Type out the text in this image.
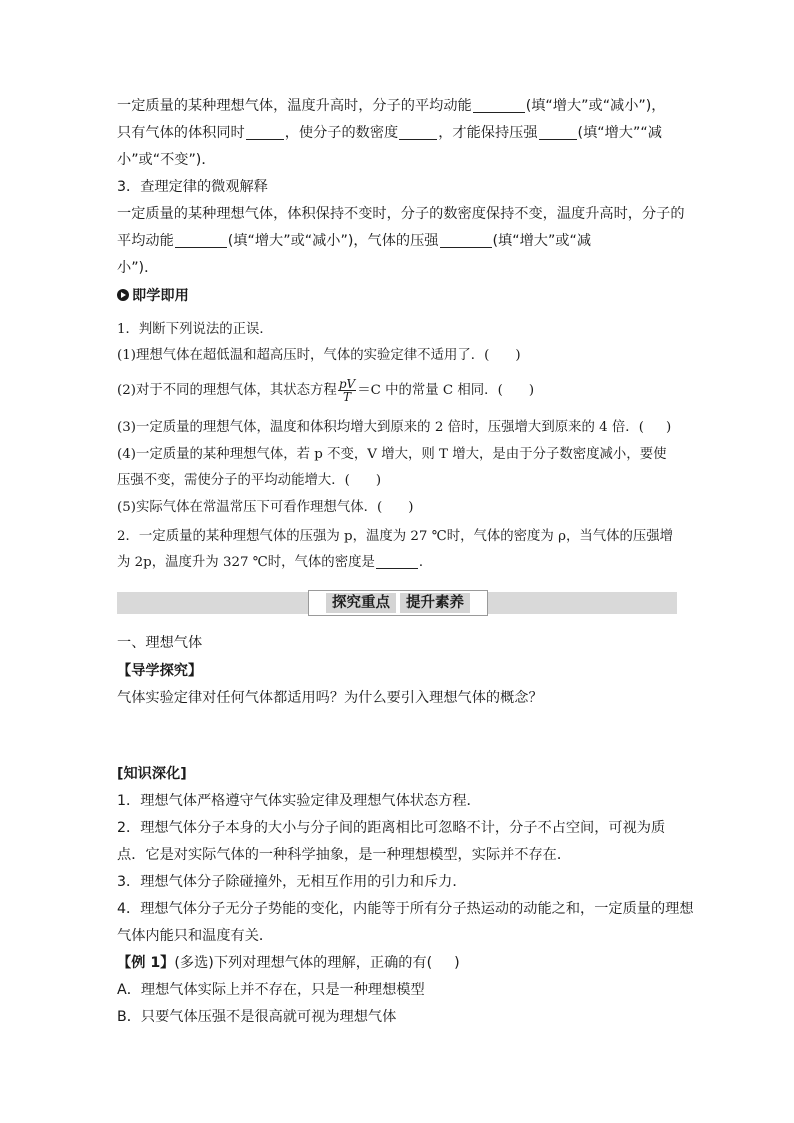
一定质量的某种理想气体，温度升高时，分子的平均动能	(填“增大”或“减小”)，
只有气体的体积同时	，使分子的数密度	，才能保持压强	(填“增大”“减
小”或“不变”)．
3．查理定律的微观解释
一定质量的某种理想气体，体积保持不变时，分子的数密度保持不变，温度升高时，分子的
平均动能	(填“增大”或“减小”)，气体的压强	(填“增大”或“减
小”)．
即学即用
1．判断下列说法的正误．
(1)理想气体在超低温和超高压时，气体的实验定律不适用了．( )
(2)对于不同的理想气体，其状态方程 $\frac{pV}{T} =C$ 中的常量 C 相同．( )
(3)一定质量的理想气体，温度和体积均增大到原来的 2 倍时，压强增大到原来的 4 倍．( )
(4)一定质量的某种理想气体，若 p 不变，V 增大，则 T 增大，是由于分子数密度减小，要使
压强不变，需使分子的平均动能增大．( )
(5)实际气体在常温常压下可看作理想气体．( )
2．一定质量的某种理想气体的压强为 p，温度为 27 ℃时，气体的密度为 ρ，当气体的压强增
为 2p，温度升为 327 ℃时，气体的密度是	．
探究重点	提升素养
一、理想气体
【导学探究】
气体实验定律对任何气体都适用吗？为什么要引入理想气体的概念？
[知识深化]
1．理想气体严格遵守气体实验定律及理想气体状态方程．
2．理想气体分子本身的大小与分子间的距离相比可忽略不计，分子不占空间，可视为质
点．它是对实际气体的一种科学抽象，是一种理想模型，实际并不存在．
3．理想气体分子除碰撞外，无相互作用的引力和斥力．
4．理想气体分子无分子势能的变化，内能等于所有分子热运动的动能之和，一定质量的理想
气体内能只和温度有关．
【例 1】(多选)下列对理想气体的理解，正确的有( )
A．理想气体实际上并不存在，只是一种理想模型
B．只要气体压强不是很高就可视为理想气体
